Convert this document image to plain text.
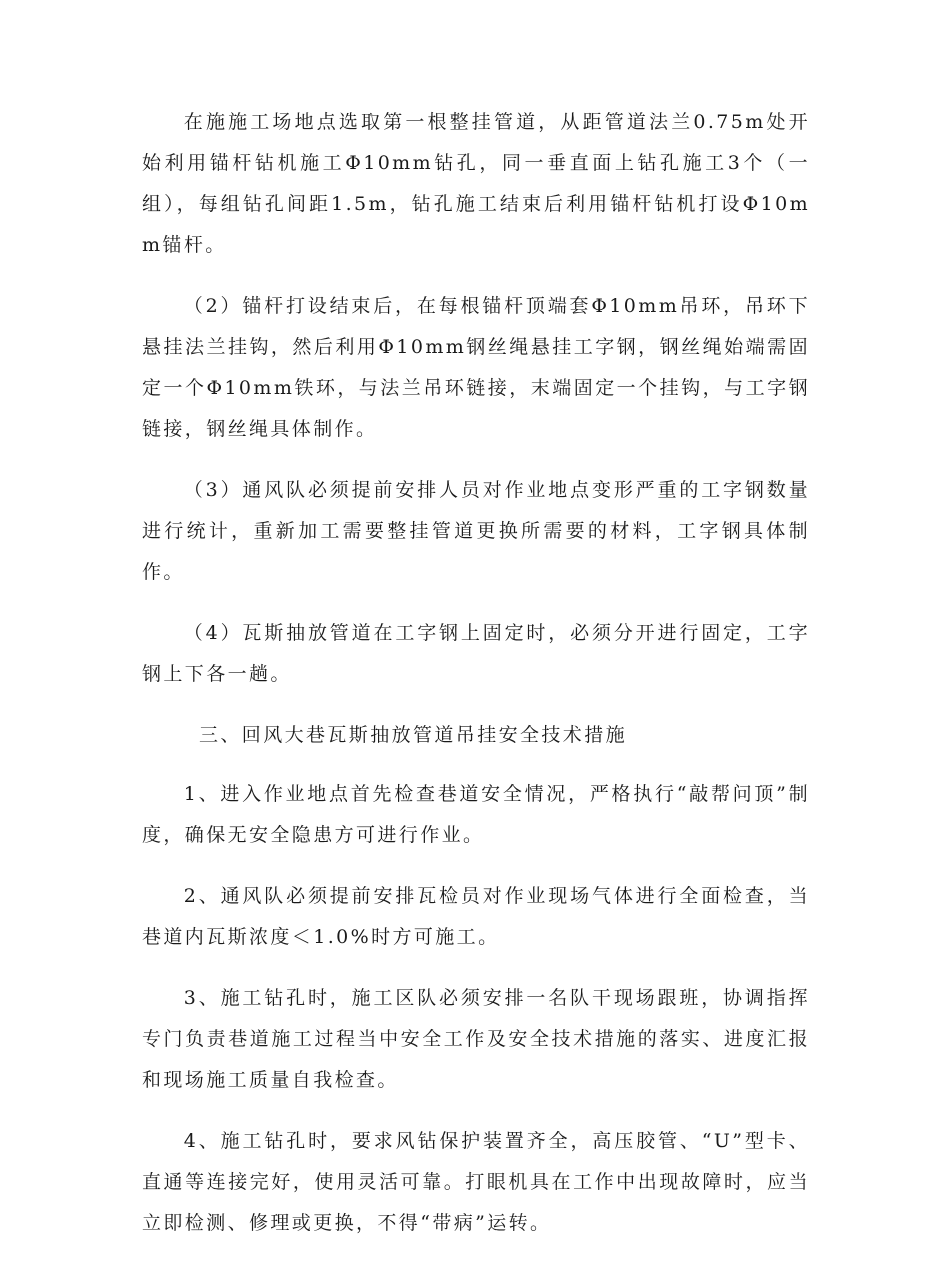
在施施工场地点选取第一根整挂管道，从距管道法兰0.75m处开始利用锚杆钻机施工Φ10mm钻孔，同一垂直面上钻孔施工3个（一组），每组钻孔间距1.5m，钻孔施工结束后利用锚杆钻机打设Φ10mm锚杆。

（2）锚杆打设结束后，在每根锚杆顶端套Φ10mm吊环，吊环下悬挂法兰挂钩，然后利用Φ10mm钢丝绳悬挂工字钢，钢丝绳始端需固定一个Φ10mm铁环，与法兰吊环链接，末端固定一个挂钩，与工字钢链接，钢丝绳具体制作。

（3）通风队必须提前安排人员对作业地点变形严重的工字钢数量进行统计，重新加工需要整挂管道更换所需要的材料，工字钢具体制作。

（4）瓦斯抽放管道在工字钢上固定时，必须分开进行固定，工字钢上下各一趟。

三、回风大巷瓦斯抽放管道吊挂安全技术措施

1、进入作业地点首先检查巷道安全情况，严格执行“敲帮问顶”制度，确保无安全隐患方可进行作业。

2、通风队必须提前安排瓦检员对作业现场气体进行全面检查，当巷道内瓦斯浓度＜1.0%时方可施工。

3、施工钻孔时，施工区队必须安排一名队干现场跟班，协调指挥专门负责巷道施工过程当中安全工作及安全技术措施的落实、进度汇报和现场施工质量自我检查。

4、施工钻孔时，要求风钻保护装置齐全，高压胶管、“U”型卡、直通等连接完好，使用灵活可靠。打眼机具在工作中出现故障时，应当立即检测、修理或更换，不得“带病”运转。
